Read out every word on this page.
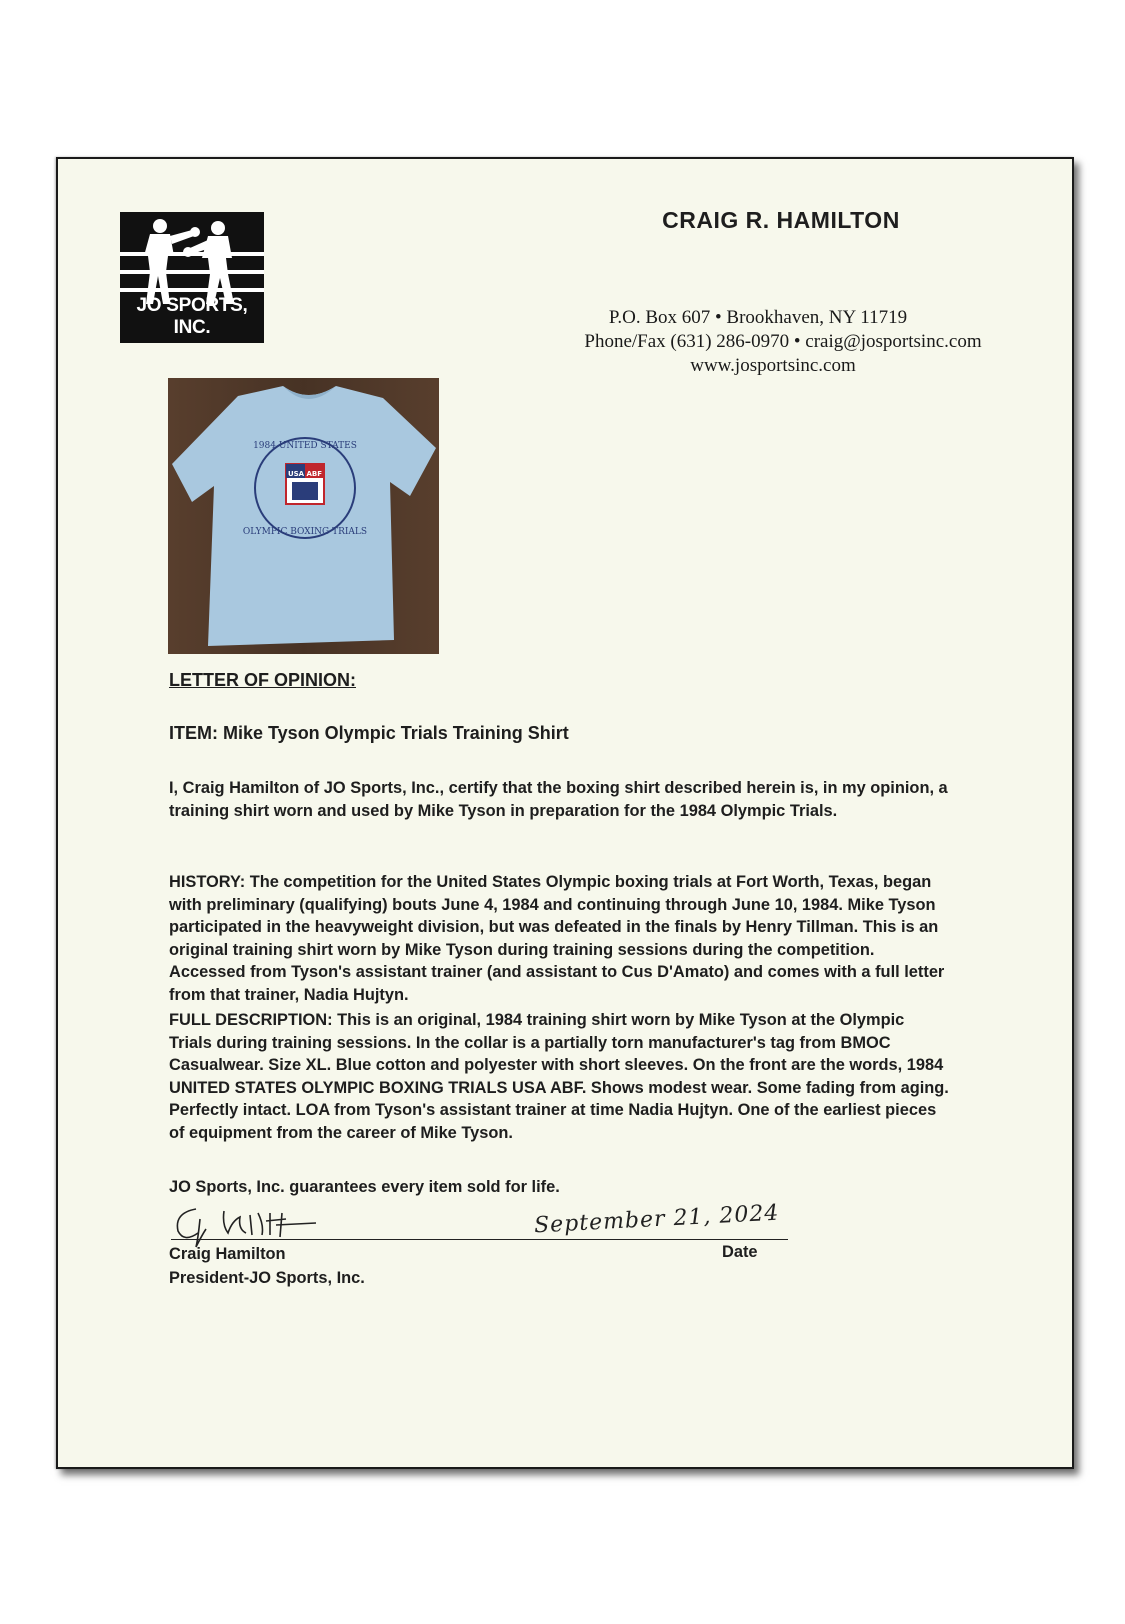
JO SPORTS, INC.
CRAIG R. HAMILTON
P.O. Box 607 • Brookhaven, NY 11719
Phone/Fax (631) 286-0970 • craig@josportsinc.com
www.josportsinc.com
1984 UNITED STATES
OLYMPIC BOXING TRIALS
USA ABF
LETTER OF OPINION:
ITEM: Mike Tyson Olympic Trials Training Shirt
I, Craig Hamilton of JO Sports, Inc., certify that the boxing shirt described herein is, in my opinion, a training shirt worn and used by Mike Tyson in preparation for the 1984 Olympic Trials.
HISTORY: The competition for the United States Olympic boxing trials at Fort Worth, Texas, began with preliminary (qualifying) bouts June 4, 1984 and continuing through June 10, 1984. Mike Tyson participated in the heavyweight division, but was defeated in the finals by Henry Tillman. This is an original training shirt worn by Mike Tyson during training sessions during the competition. Accessed from Tyson's assistant trainer (and assistant to Cus D'Amato) and comes with a full letter from that trainer, Nadia Hujtyn.
FULL DESCRIPTION: This is an original, 1984 training shirt worn by Mike Tyson at the Olympic Trials during training sessions. In the collar is a partially torn manufacturer's tag from BMOC Casualwear. Size XL. Blue cotton and polyester with short sleeves. On the front are the words, 1984 UNITED STATES OLYMPIC BOXING TRIALS USA ABF. Shows modest wear. Some fading from aging. Perfectly intact. LOA from Tyson's assistant trainer at time Nadia Hujtyn. One of the earliest pieces of equipment from the career of Mike Tyson.
JO Sports, Inc. guarantees every item sold for life.
September 21, 2024
Craig Hamilton
President-JO Sports, Inc.
Date
